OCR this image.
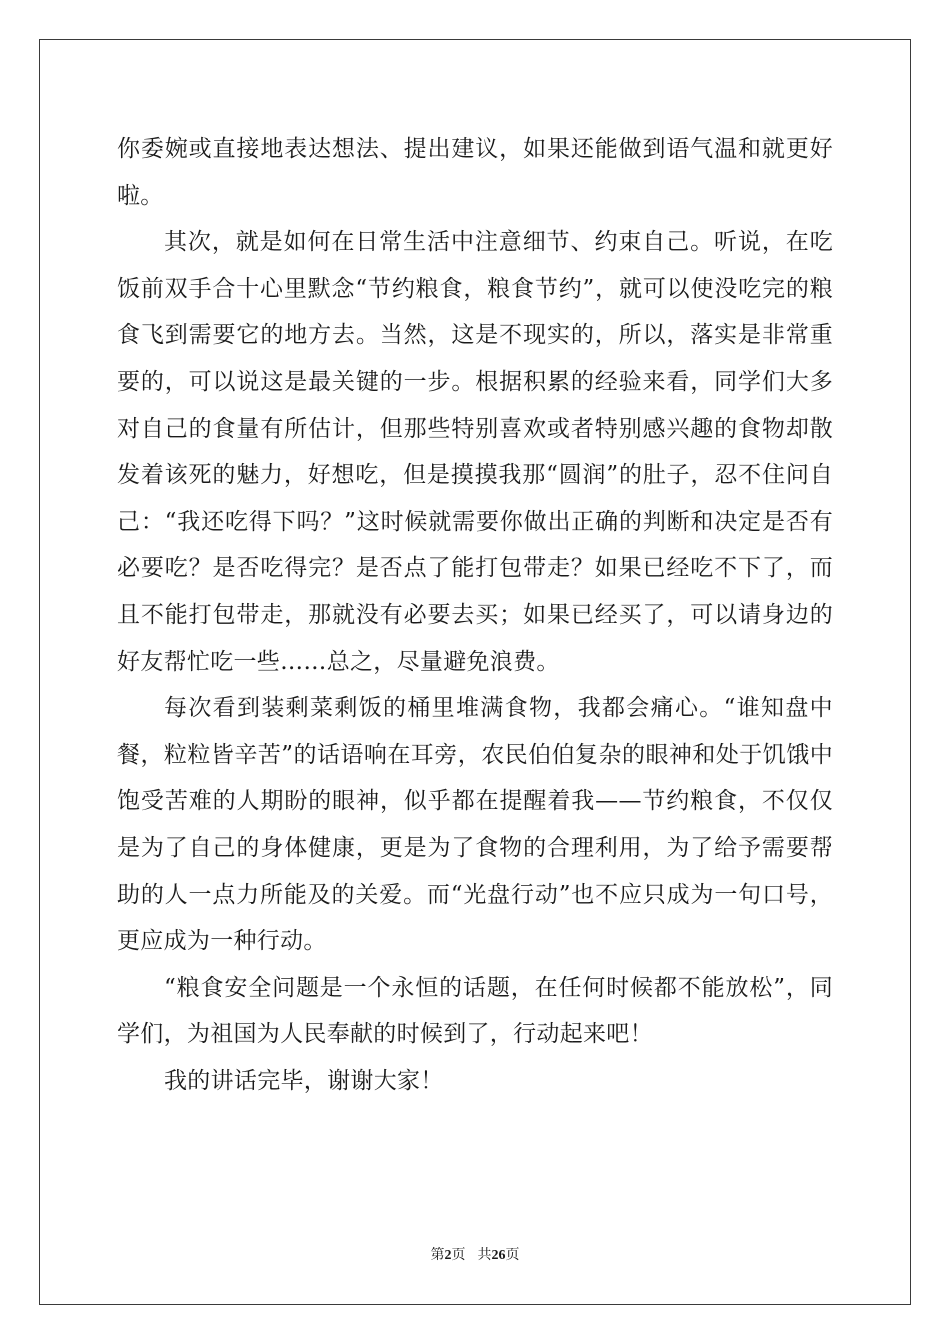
你委婉或直接地表达想法、提出建议，如果还能做到语气温和就更好啦。

其次，就是如何在日常生活中注意细节、约束自己。听说，在吃饭前双手合十心里默念“节约粮食，粮食节约”，就可以使没吃完的粮食飞到需要它的地方去。当然，这是不现实的，所以，落实是非常重要的，可以说这是最关键的一步。根据积累的经验来看，同学们大多对自己的食量有所估计，但那些特别喜欢或者特别感兴趣的食物却散发着该死的魅力，好想吃，但是摸摸我那“圆润”的肚子，忍不住问自己：“我还吃得下吗？”这时候就需要你做出正确的判断和决定是否有必要吃？是否吃得完？是否点了能打包带走？如果已经吃不下了，而且不能打包带走，那就没有必要去买；如果已经买了，可以请身边的好友帮忙吃一些……总之，尽量避免浪费。

每次看到装剩菜剩饭的桶里堆满食物，我都会痛心。“谁知盘中餐，粒粒皆辛苦”的话语响在耳旁，农民伯伯复杂的眼神和处于饥饿中饱受苦难的人期盼的眼神，似乎都在提醒着我——节约粮食，不仅仅是为了自己的身体健康，更是为了食物的合理利用，为了给予需要帮助的人一点力所能及的关爱。而“光盘行动”也不应只成为一句口号，更应成为一种行动。

“粮食安全问题是一个永恒的话题，在任何时候都不能放松”，同学们，为祖国为人民奉献的时候到了，行动起来吧！

我的讲话完毕，谢谢大家！

第2页 共26页
